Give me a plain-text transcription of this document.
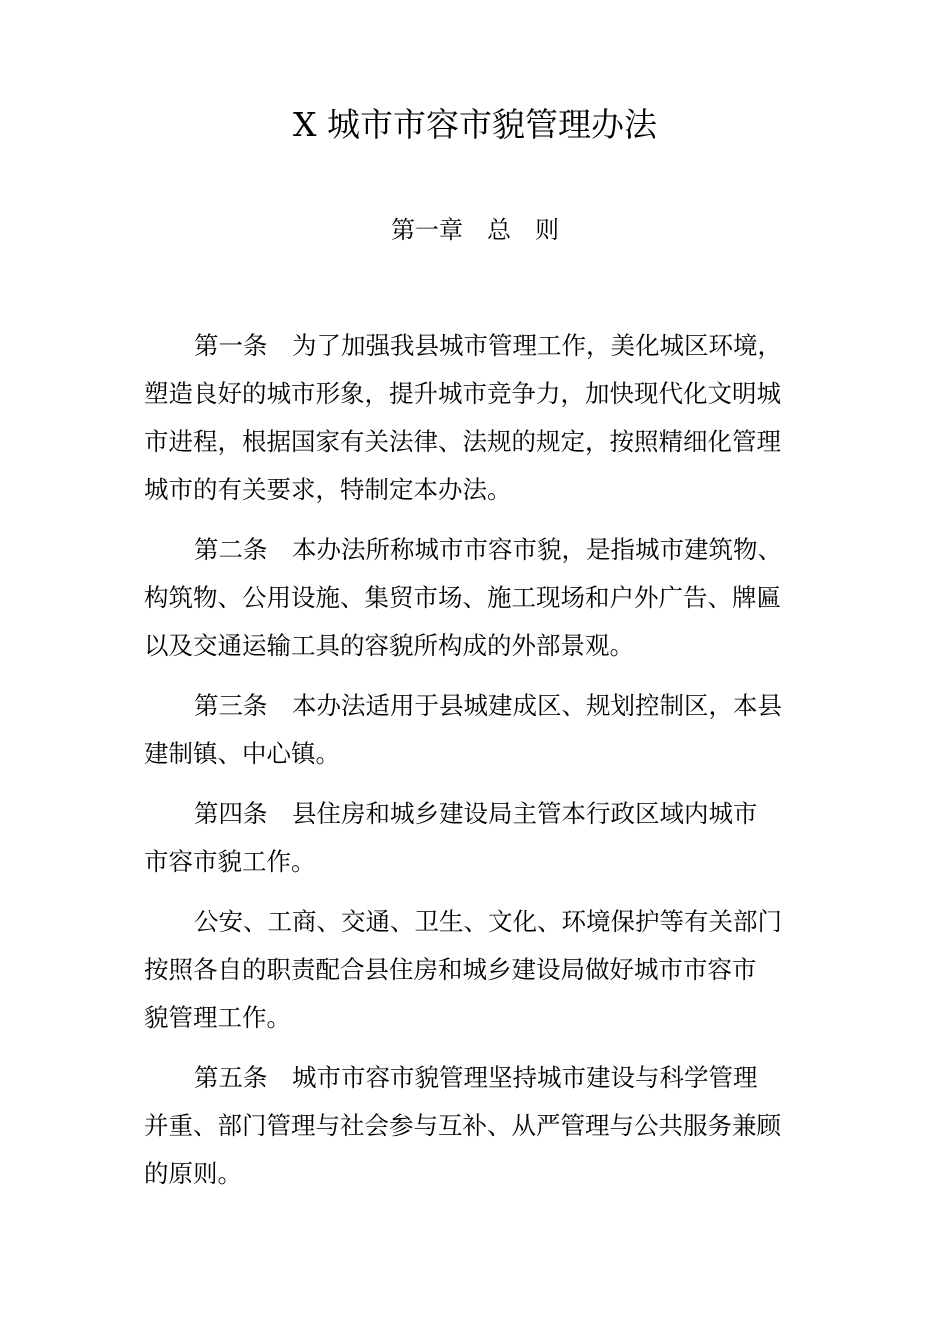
X 城市市容市貌管理办法
第一章　总　则

第一条　为了加强我县城市管理工作，美化城区环境，
塑造良好的城市形象，提升城市竞争力，加快现代化文明城
市进程，根据国家有关法律、法规的规定，按照精细化管理
城市的有关要求，特制定本办法。

第二条　本办法所称城市市容市貌，是指城市建筑物、
构筑物、公用设施、集贸市场、施工现场和户外广告、牌匾
以及交通运输工具的容貌所构成的外部景观。

第三条　本办法适用于县城建成区、规划控制区，本县
建制镇、中心镇。

第四条　县住房和城乡建设局主管本行政区域内城市
市容市貌工作。

公安、工商、交通、卫生、文化、环境保护等有关部门
按照各自的职责配合县住房和城乡建设局做好城市市容市
貌管理工作。

第五条　城市市容市貌管理坚持城市建设与科学管理
并重、部门管理与社会参与互补、从严管理与公共服务兼顾
的原则。
